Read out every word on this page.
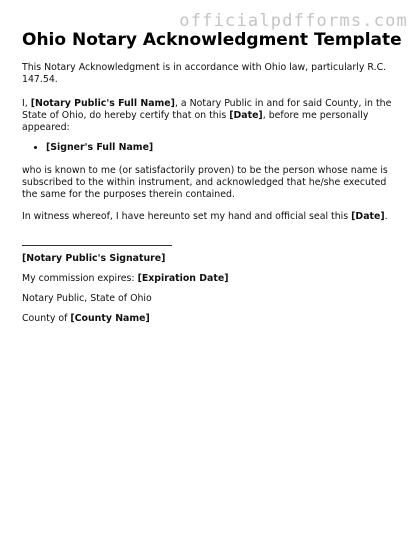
officialpdfforms.com
Ohio Notary Acknowledgment Template

This Notary Acknowledgment is in accordance with Ohio law, particularly R.C. 147.54.

I, [Notary Public's Full Name], a Notary Public in and for said County, in the State of Ohio, do hereby certify that on this [Date], before me personally appeared:

• [Signer's Full Name]

who is known to me (or satisfactorily proven) to be the person whose name is subscribed to the within instrument, and acknowledged that he/she executed the same for the purposes therein contained.

In witness whereof, I have hereunto set my hand and official seal this [Date].

[Notary Public's Signature]

My commission expires: [Expiration Date]

Notary Public, State of Ohio

County of [County Name]
